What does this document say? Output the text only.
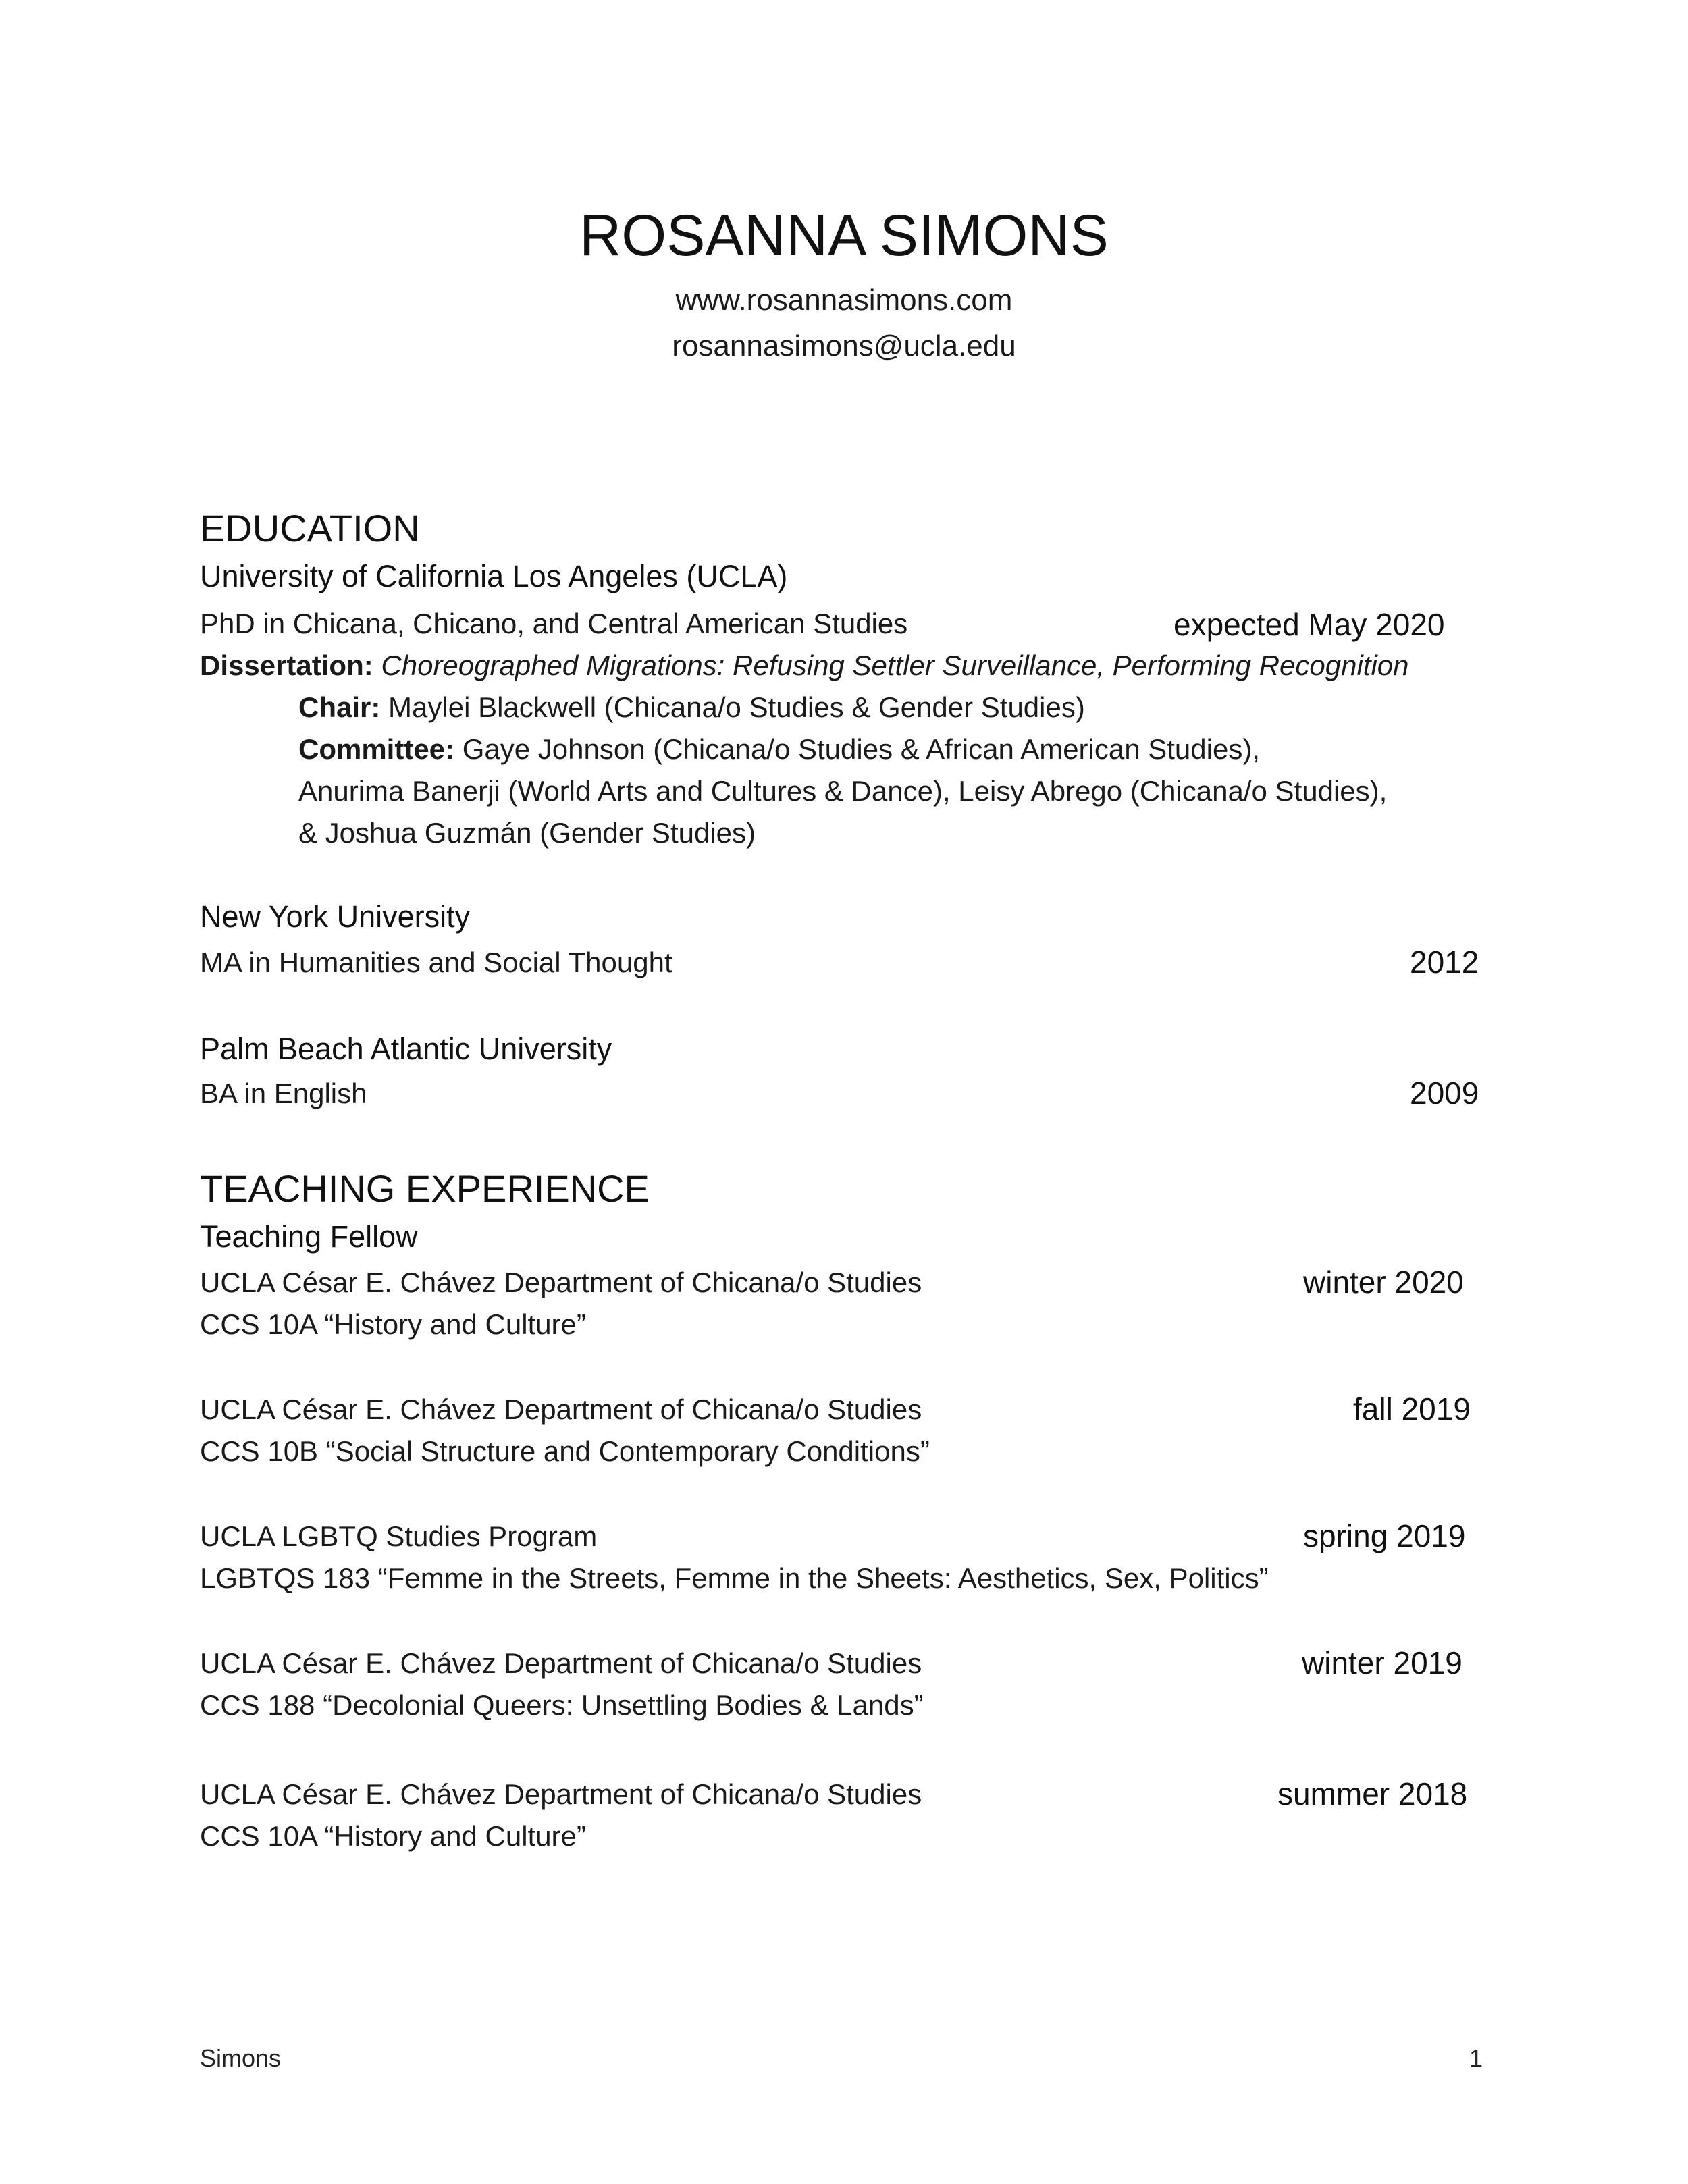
ROSANNA SIMONS
www.rosannasimons.com
rosannasimons@ucla.edu
EDUCATION
University of California Los Angeles (UCLA)
PhD in Chicana, Chicano, and Central American Studies	expected May 2020
Dissertation: Choreographed Migrations: Refusing Settler Surveillance, Performing Recognition
Chair: Maylei Blackwell (Chicana/o Studies & Gender Studies)
Committee: Gaye Johnson (Chicana/o Studies & African American Studies),
Anurima Banerji (World Arts and Cultures & Dance), Leisy Abrego (Chicana/o Studies),
& Joshua Guzmán (Gender Studies)
New York University
MA in Humanities and Social Thought	2012
Palm Beach Atlantic University
BA in English	2009
TEACHING EXPERIENCE
Teaching Fellow
UCLA César E. Chávez Department of Chicana/o Studies	winter 2020
CCS 10A “History and Culture”
UCLA César E. Chávez Department of Chicana/o Studies	fall 2019
CCS 10B “Social Structure and Contemporary Conditions”
UCLA LGBTQ Studies Program	spring 2019
LGBTQS 183 “Femme in the Streets, Femme in the Sheets: Aesthetics, Sex, Politics”
UCLA César E. Chávez Department of Chicana/o Studies	winter 2019
CCS 188 “Decolonial Queers: Unsettling Bodies & Lands”
UCLA César E. Chávez Department of Chicana/o Studies	summer 2018
CCS 10A “History and Culture”
Simons	1
